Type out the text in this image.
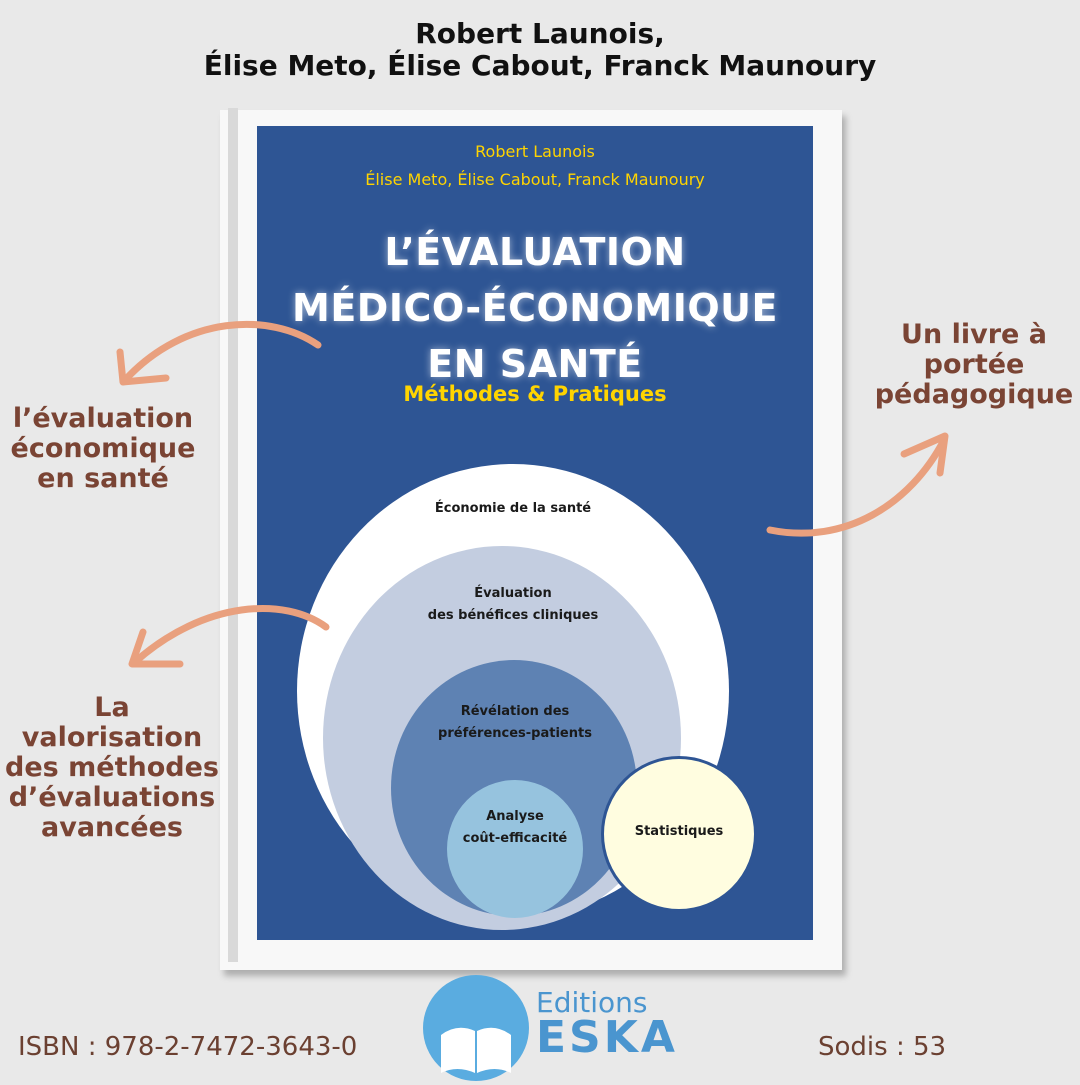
Robert Launois,
Élise Meto, Élise Cabout, Franck Maunoury
Robert Launois
Élise Meto, Élise Cabout, Franck Maunoury
L’ÉVALUATION
MÉDICO-ÉCONOMIQUE
EN SANTÉ
Méthodes & Pratiques
Économie de la santé
Évaluation
des bénéfices cliniques
Révélation des
préférences-patients
Analyse
coût-efficacité	Statistiques
l’évaluation
économique
en santé
La
valorisation
des méthodes
d’évaluations
avancées
Un livre à
portée
pédagogique
ISBN : 978-2-7472-3643-0	Sodis : 53
Editions
ESKA
